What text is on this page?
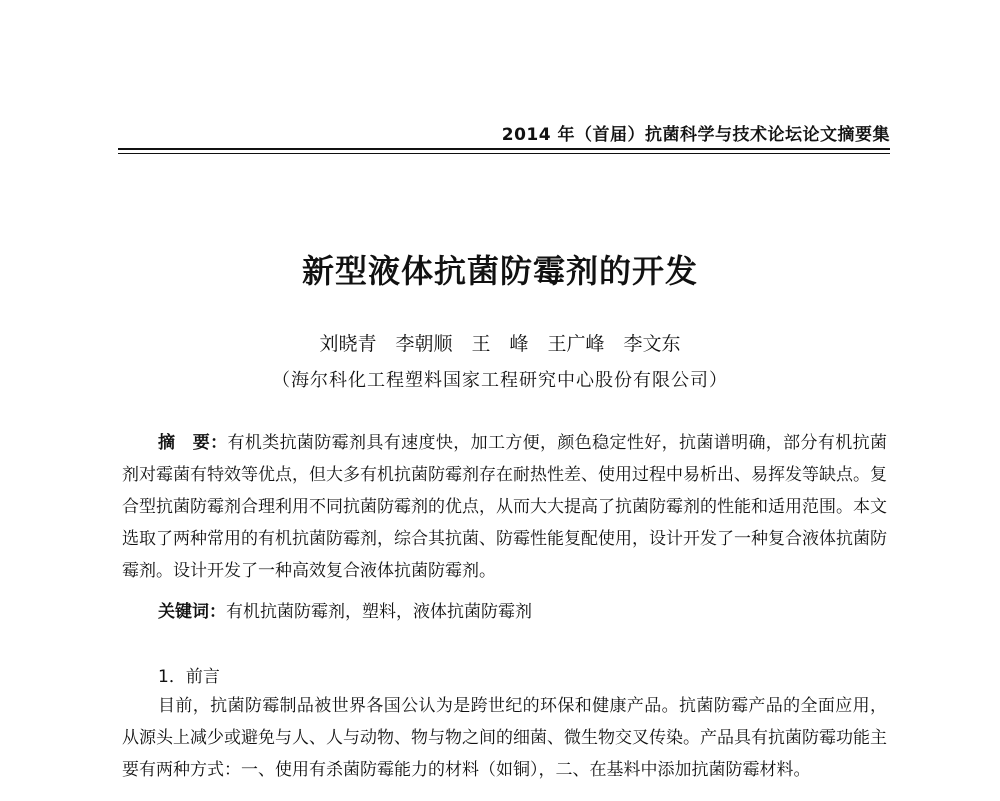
2014 年（首届）抗菌科学与技术论坛论文摘要集
新型液体抗菌防霉剂的开发
刘晓青　李朝顺　王　峰　王广峰　李文东
（海尔科化工程塑料国家工程研究中心股份有限公司）
摘　要：有机类抗菌防霉剂具有速度快，加工方便，颜色稳定性好，抗菌谱明确，部分有机抗菌剂对霉菌有特效等优点，但大多有机抗菌防霉剂存在耐热性差、使用过程中易析出、易挥发等缺点。复合型抗菌防霉剂合理利用不同抗菌防霉剂的优点，从而大大提高了抗菌防霉剂的性能和适用范围。本文选取了两种常用的有机抗菌防霉剂，综合其抗菌、防霉性能复配使用，设计开发了一种复合液体抗菌防霉剂。设计开发了一种高效复合液体抗菌防霉剂。
关键词：有机抗菌防霉剂，塑料，液体抗菌防霉剂
1．前言
目前，抗菌防霉制品被世界各国公认为是跨世纪的环保和健康产品。抗菌防霉产品的全面应用，从源头上减少或避免与人、人与动物、物与物之间的细菌、微生物交叉传染。产品具有抗菌防霉功能主要有两种方式：一、使用有杀菌防霉能力的材料（如铜），二、在基料中添加抗菌防霉材料。
